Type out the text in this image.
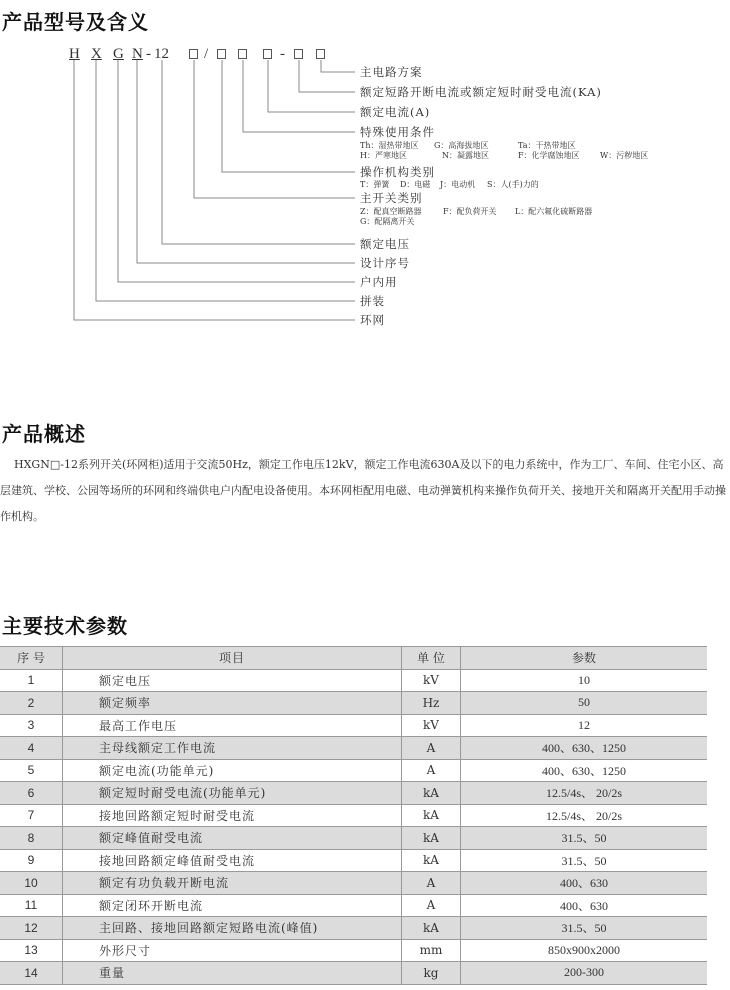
产品型号及含义
H X G N - 12 /	-
主电路方案
额定短路开断电流或额定短时耐受电流(KA)
额定电流(A)
特殊使用条件
Th：湿热带地区 G：高海拔地区	Ta：干热带地区
H：严寒地区	N：凝露地区	F：化学腐蚀地区	W：污秽地区
操作机构类别
T：弹簧 D：电磁 J：电动机 S：人(手)力的
主开关类别
Z：配真空断路器	F：配负荷开关 L：配六氟化硫断路器
G：配隔离开关
额定电压
设计序号
户内用
拼装
环网
产品概述

HXGN□-12系列开关(环网柜)适用于交流50Hz，额定工作电压12kV，额定工作电流630A及以下的电力系统中，作为工厂、车间、住宅小区、高层建筑、学校、公园等场所的环网和终端供电户内配电设备使用。本环网柜配用电磁、电动弹簧机构来操作负荷开关、接地开关和隔离开关配用手动操作机构。

主要技术参数
序 号	项目	单 位	参数
1	额定电压	kV	10
2	额定频率	Hz	50
3	最高工作电压	kV	12
4	主母线额定工作电流	A	400、630、1250
5	额定电流(功能单元)	A	400、630、1250
6	额定短时耐受电流(功能单元)	kA	12.5/4s、 20/2s
7	接地回路额定短时耐受电流	kA	12.5/4s、 20/2s
8	额定峰值耐受电流	kA	31.5、50
9	接地回路额定峰值耐受电流	kA	31.5、50
10	额定有功负载开断电流	A	400、630
11	额定闭环开断电流	A	400、630
12	主回路、接地回路额定短路电流(峰值)	kA	31.5、50
13	外形尺寸	mm	850x900x2000
14	重量	kg	200-300
